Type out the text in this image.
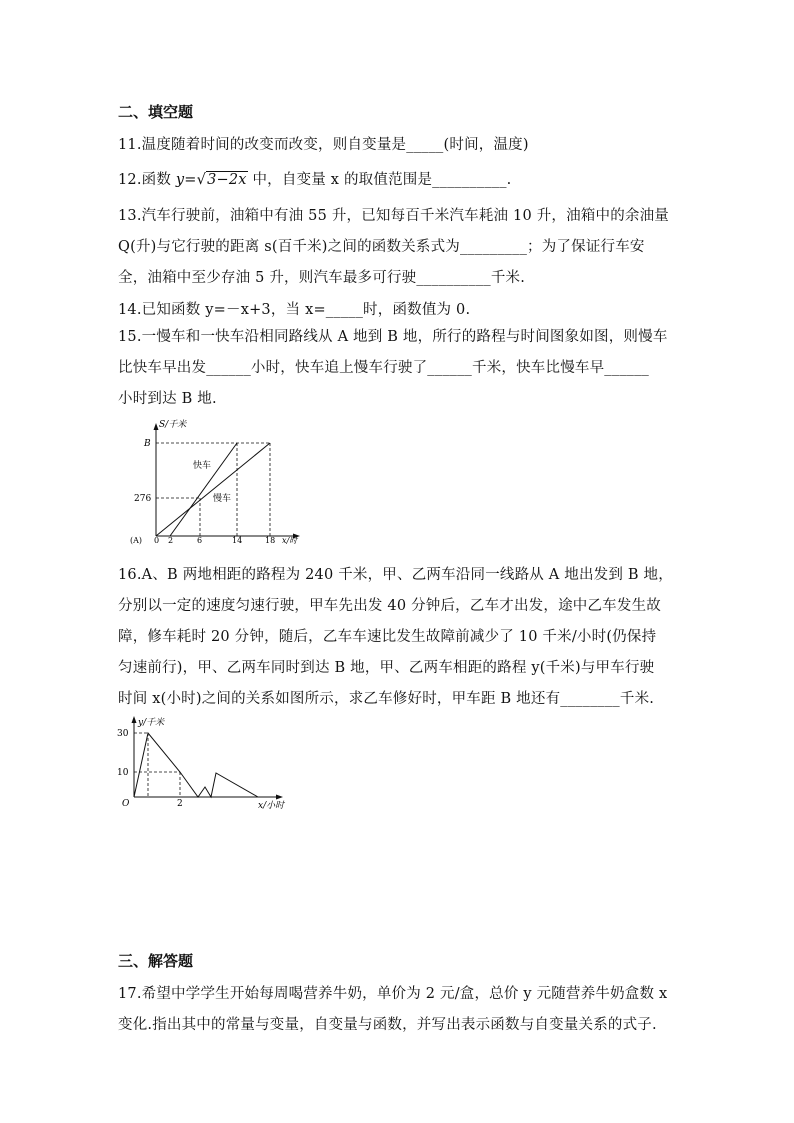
二、填空题
11.温度随着时间的改变而改变，则自变量是_____(时间，温度)
12.函数 y=√3−2x 中，自变量 x 的取值范围是__________.
13.汽车行驶前，油箱中有油 55 升，已知每百千米汽车耗油 10 升，油箱中的余油量
Q(升)与它行驶的距离 s(百千米)之间的函数关系式为_________；为了保证行车安
全，油箱中至少存油 5 升，则汽车最多可行驶__________千米.
14.已知函数 y=－x+3，当 x=_____时，函数值为 0.
15.一慢车和一快车沿相同路线从 A 地到 B 地，所行的路程与时间图象如图，则慢车
比快车早出发______小时，快车追上慢车行驶了______千米，快车比慢车早______
小时到达 B 地.
S/千米
B
276
(A) 0 2	6	14	18 x/时
快车
慢车
16.A、B 两地相距的路程为 240 千米，甲、乙两车沿同一线路从 A 地出发到 B 地，
分别以一定的速度匀速行驶，甲车先出发 40 分钟后，乙车才出发，途中乙车发生故
障，修车耗时 20 分钟，随后，乙车车速比发生故障前减少了 10 千米/小时(仍保持
匀速前行)，甲、乙两车同时到达 B 地，甲、乙两车相距的路程 y(千米)与甲车行驶
时间 x(小时)之间的关系如图所示，求乙车修好时，甲车距 B 地还有________千米.
y/千米
30
10
O	2	x/小时
三、解答题
17.希望中学学生开始每周喝营养牛奶，单价为 2 元/盒，总价 y 元随营养牛奶盒数 x
变化.指出其中的常量与变量，自变量与函数，并写出表示函数与自变量关系的式子.
